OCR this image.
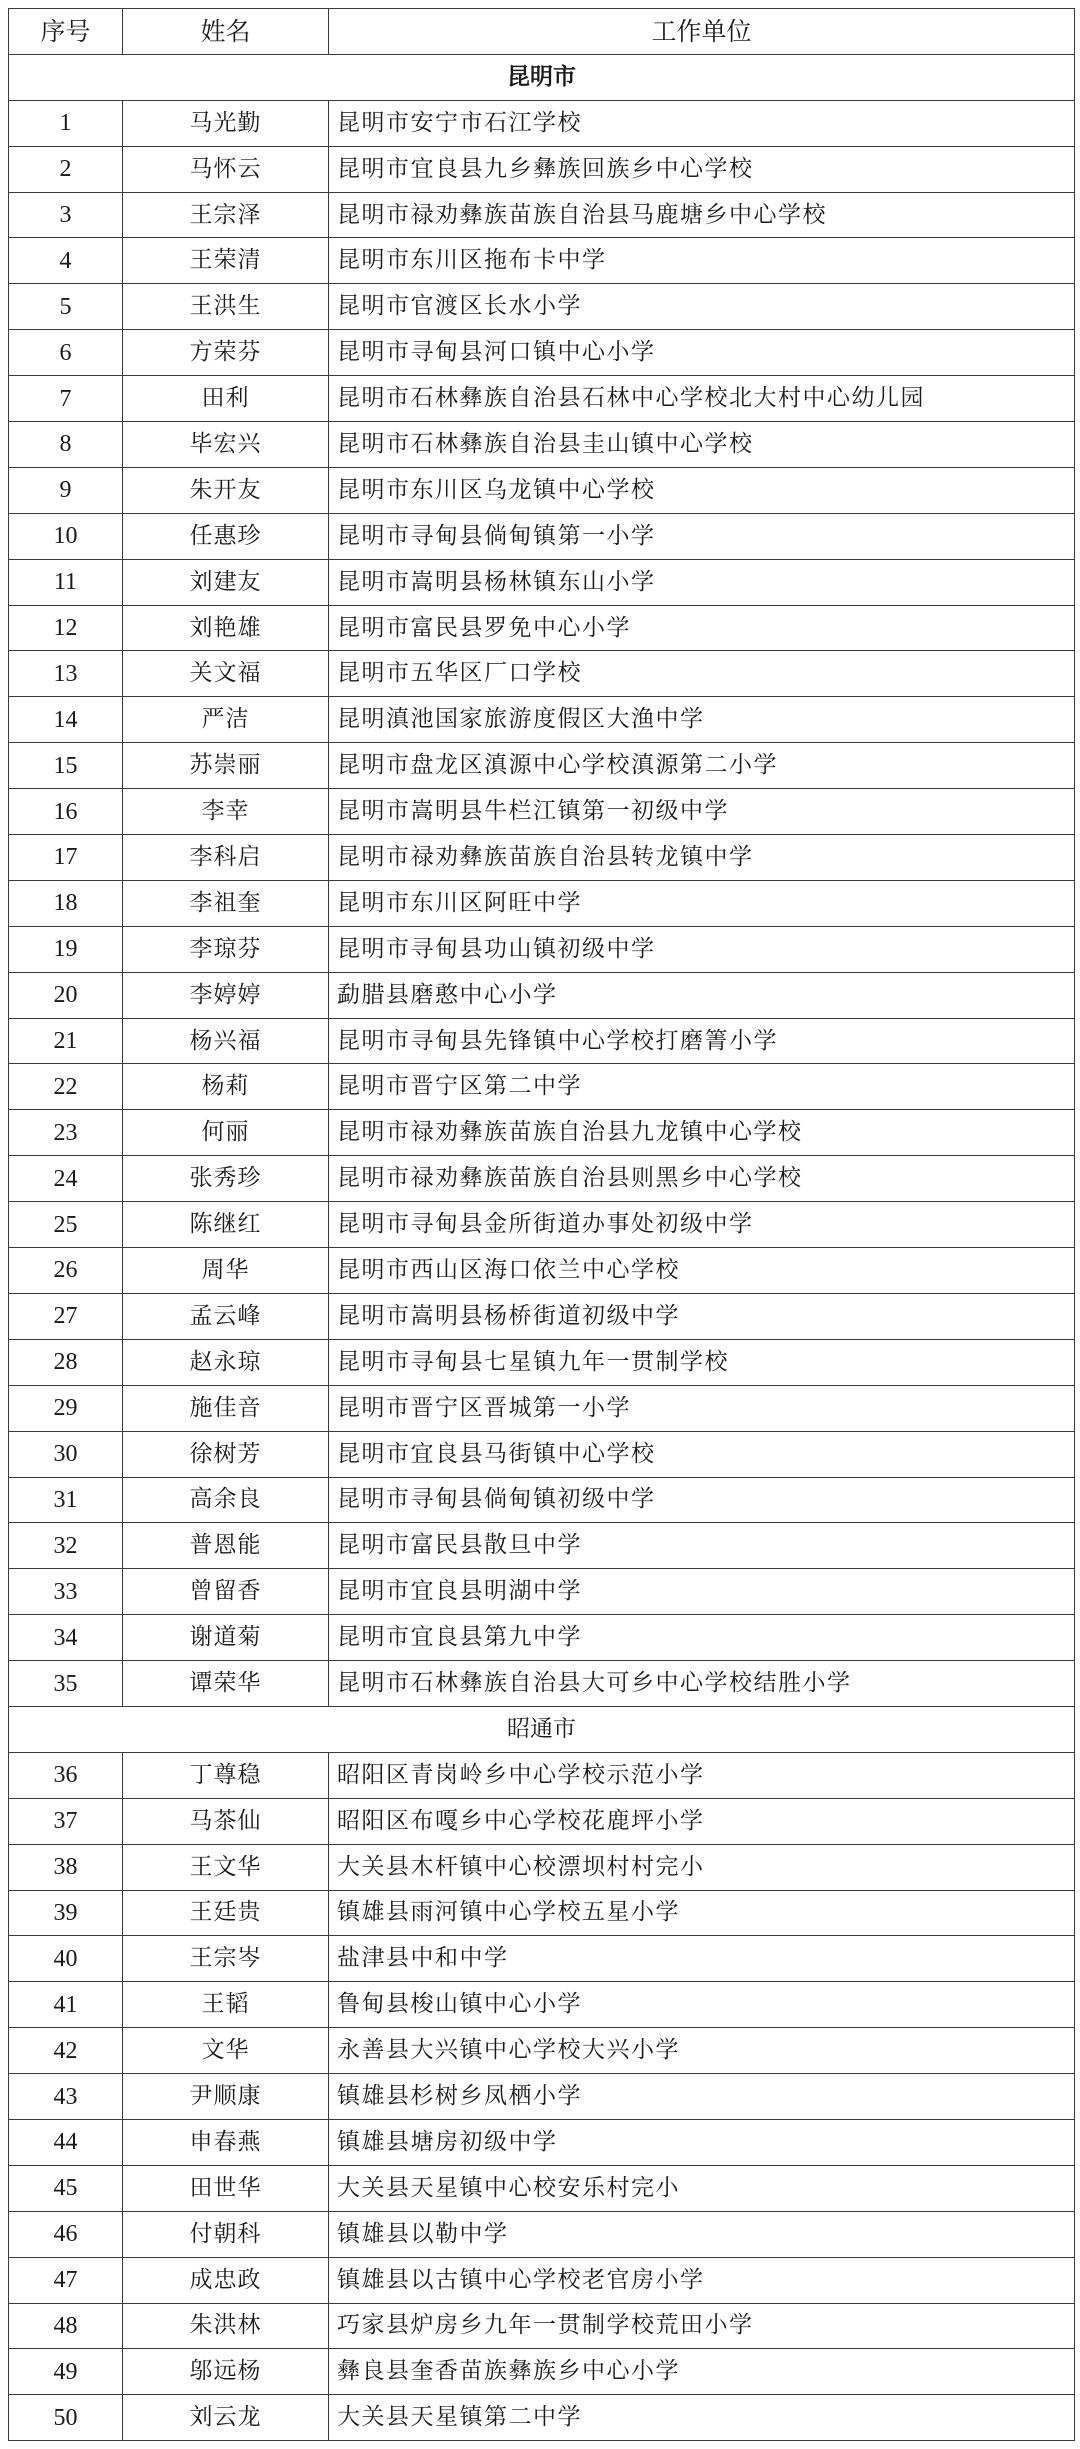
序号	姓名	工作单位
昆明市		
1	马光勤	昆明市安宁市石江学校
2	马怀云	昆明市宜良县九乡彝族回族乡中心学校
3	王宗泽	昆明市禄劝彝族苗族自治县马鹿塘乡中心学校
4	王荣清	昆明市东川区拖布卡中学
5	王洪生	昆明市官渡区长水小学
6	方荣芬	昆明市寻甸县河口镇中心小学
7	田利	昆明市石林彝族自治县石林中心学校北大村中心幼儿园
8	毕宏兴	昆明市石林彝族自治县圭山镇中心学校
9	朱开友	昆明市东川区乌龙镇中心学校
10	任惠珍	昆明市寻甸县倘甸镇第一小学
11	刘建友	昆明市嵩明县杨林镇东山小学
12	刘艳雄	昆明市富民县罗免中心小学
13	关文福	昆明市五华区厂口学校
14	严洁	昆明滇池国家旅游度假区大渔中学
15	苏崇丽	昆明市盘龙区滇源中心学校滇源第二小学
16	李幸	昆明市嵩明县牛栏江镇第一初级中学
17	李科启	昆明市禄劝彝族苗族自治县转龙镇中学
18	李祖奎	昆明市东川区阿旺中学
19	李琼芬	昆明市寻甸县功山镇初级中学
20	李婷婷	勐腊县磨憨中心小学
21	杨兴福	昆明市寻甸县先锋镇中心学校打磨箐小学
22	杨莉	昆明市晋宁区第二中学
23	何丽	昆明市禄劝彝族苗族自治县九龙镇中心学校
24	张秀珍	昆明市禄劝彝族苗族自治县则黑乡中心学校
25	陈继红	昆明市寻甸县金所街道办事处初级中学
26	周华	昆明市西山区海口依兰中心学校
27	孟云峰	昆明市嵩明县杨桥街道初级中学
28	赵永琼	昆明市寻甸县七星镇九年一贯制学校
29	施佳音	昆明市晋宁区晋城第一小学
30	徐树芳	昆明市宜良县马街镇中心学校
31	高余良	昆明市寻甸县倘甸镇初级中学
32	普恩能	昆明市富民县散旦中学
33	曾留香	昆明市宜良县明湖中学
34	谢道菊	昆明市宜良县第九中学
35	谭荣华	昆明市石林彝族自治县大可乡中心学校结胜小学
昭通市		
36	丁尊稳	昭阳区青岗岭乡中心学校示范小学
37	马茶仙	昭阳区布嘎乡中心学校花鹿坪小学
38	王文华	大关县木杆镇中心校漂坝村村完小
39	王廷贵	镇雄县雨河镇中心学校五星小学
40	王宗岑	盐津县中和中学
41	王韬	鲁甸县梭山镇中心小学
42	文华	永善县大兴镇中心学校大兴小学
43	尹顺康	镇雄县杉树乡凤栖小学
44	申春燕	镇雄县塘房初级中学
45	田世华	大关县天星镇中心校安乐村完小
46	付朝科	镇雄县以勒中学
47	成忠政	镇雄县以古镇中心学校老官房小学
48	朱洪林	巧家县炉房乡九年一贯制学校荒田小学
49	邬远杨	彝良县奎香苗族彝族乡中心小学
50	刘云龙	大关县天星镇第二中学
